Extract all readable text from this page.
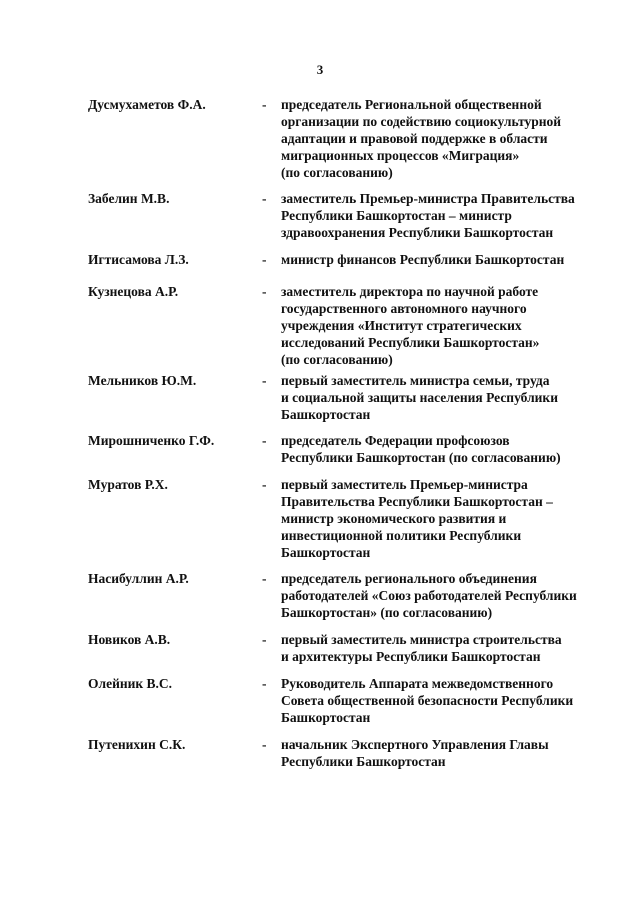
3
Дусмухаметов Ф.А.	- председатель Региональной общественной
организации по содействию социокультурной
адаптации и правовой поддержке в области
миграционных процессов «Миграция»
(по согласованию)
Забелин М.В.	- заместитель Премьер-министра Правительства
Республики Башкортостан – министр
здравоохранения Республики Башкортостан
Игтисамова Л.З.	- министр финансов Республики Башкортостан
Кузнецова А.Р.	- заместитель директора по научной работе
государственного автономного научного
учреждения «Институт стратегических
исследований Республики Башкортостан»
(по согласованию)
Мельников Ю.М.	- первый заместитель министра семьи, труда
и социальной защиты населения Республики
Башкортостан
Мирошниченко Г.Ф.	- председатель Федерации профсоюзов
Республики Башкортостан (по согласованию)
Муратов Р.Х.	- первый заместитель Премьер-министра
Правительства Республики Башкортостан –
министр экономического развития и
инвестиционной политики Республики
Башкортостан
Насибуллин А.Р.	- председатель регионального объединения
работодателей «Союз работодателей Республики
Башкортостан» (по согласованию)
Новиков А.В.	- первый заместитель министра строительства
и архитектуры Республики Башкортостан
Олейник В.С.	- Руководитель Аппарата межведомственного
Совета общественной безопасности Республики
Башкортостан
Путенихин С.К.	- начальник Экспертного Управления Главы
Республики Башкортостан
